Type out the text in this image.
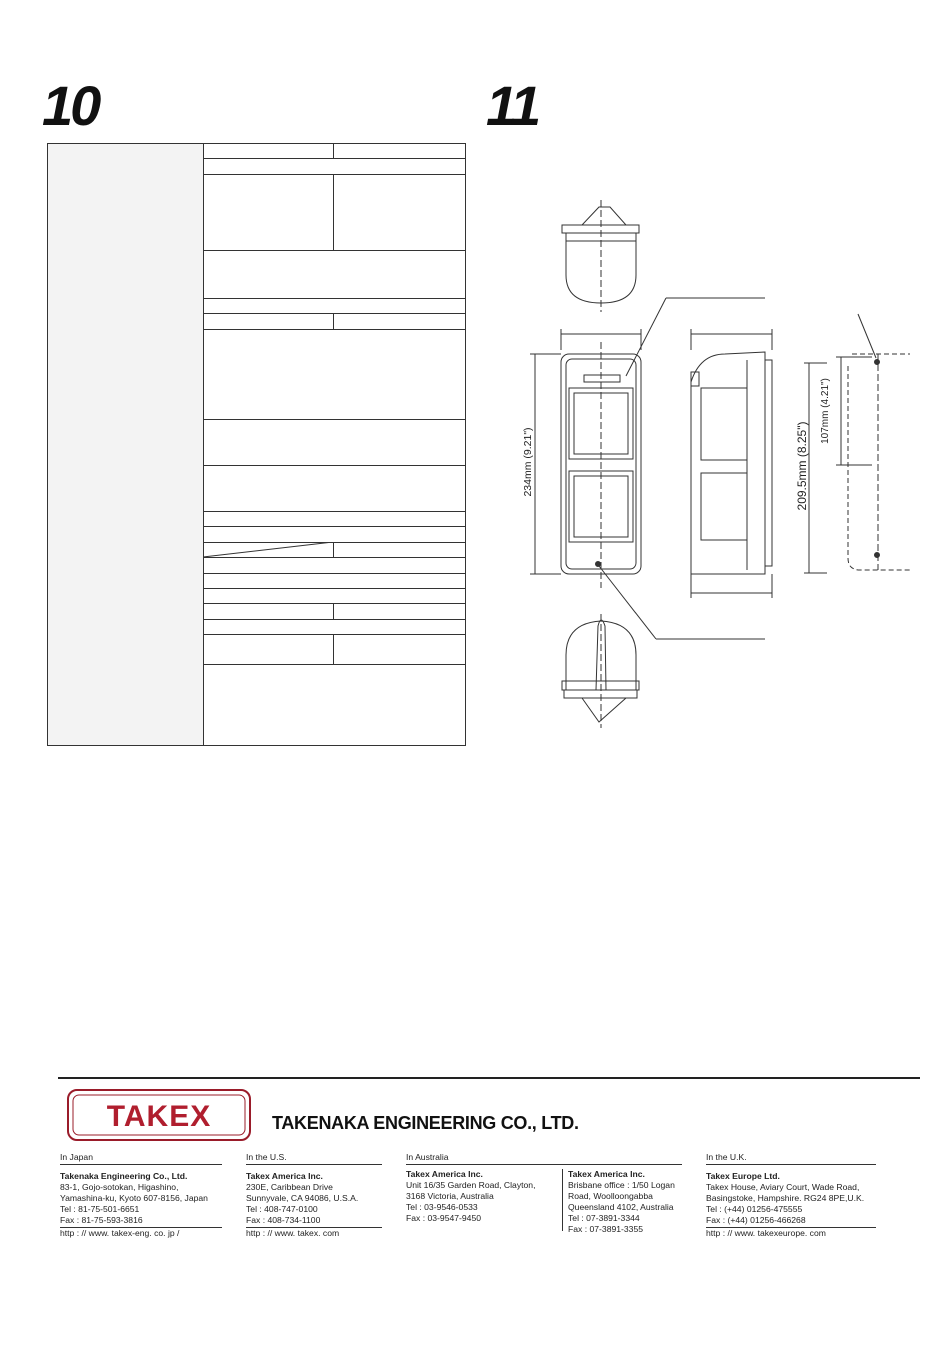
10	11
234mm (9.21")	209.5mm (8.25")
107mm (4.21")
TAKEX	TAKENAKA ENGINEERING CO., LTD.
In Japan
Takenaka Engineering Co., Ltd.
83-1, Gojo-sotokan, Higashino,
Yamashina-ku, Kyoto 607-8156, Japan
Tel : 81-75-501-6651
Fax : 81-75-593-3816
http : // www. takex-eng. co. jp /
In the U.S.
Takex America Inc.
230E, Caribbean Drive
Sunnyvale, CA 94086, U.S.A.
Tel : 408-747-0100
Fax : 408-734-1100
http : // www. takex. com
In Australia
Takex America Inc.
Unit 16/35 Garden Road, Clayton,
3168 Victoria, Australia
Tel : 03-9546-0533
Fax : 03-9547-9450
Takex America Inc.
Brisbane office : 1/50 Logan
Road, Woolloongabba
Queensland 4102, Australia
Tel : 07-3891-3344
Fax : 07-3891-3355
In the U.K.
Takex Europe Ltd.
Takex House, Aviary Court, Wade Road,
Basingstoke, Hampshire. RG24 8PE,U.K.
Tel : (+44) 01256-475555
Fax : (+44) 01256-466268
http : // www. takexeurope. com
